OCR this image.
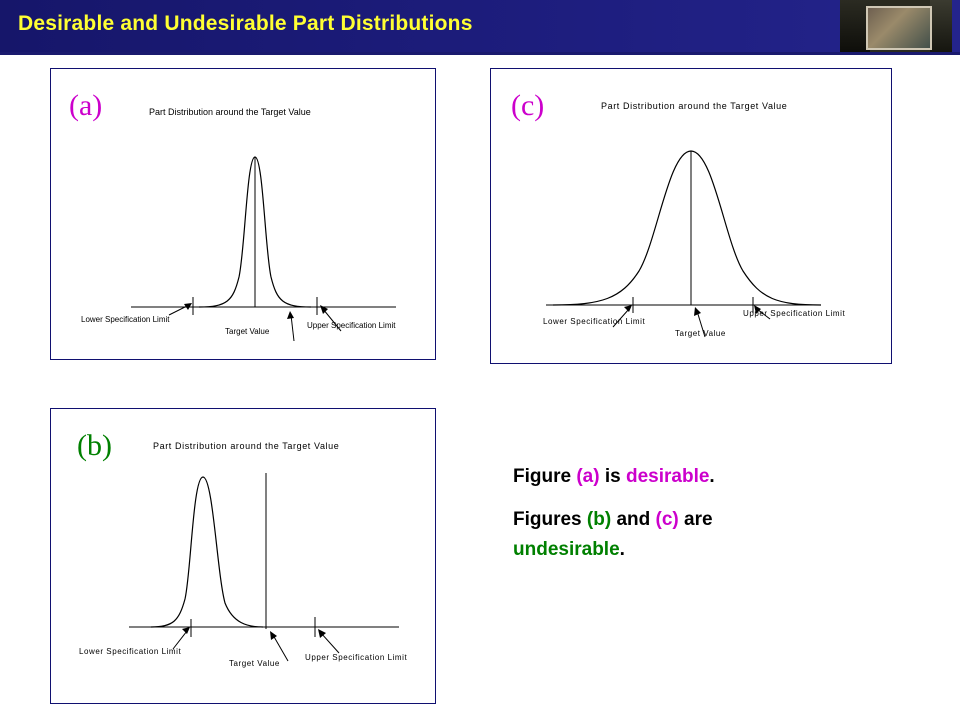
Desirable and Undesirable Part Distributions
(a)	Part Distribution around the Target Value
Lower Specification Limit
Target Value
Upper Specification Limit
(c)	Part Distribution around the Target Value
Lower Specification Limit
Target Value
Upper Specification Limit
(b)	Part Distribution around the Target Value
Lower Specification Limit
Target Value
Upper Specification Limit
Figure (a) is desirable.
Figures (b) and (c) are
undesirable.
